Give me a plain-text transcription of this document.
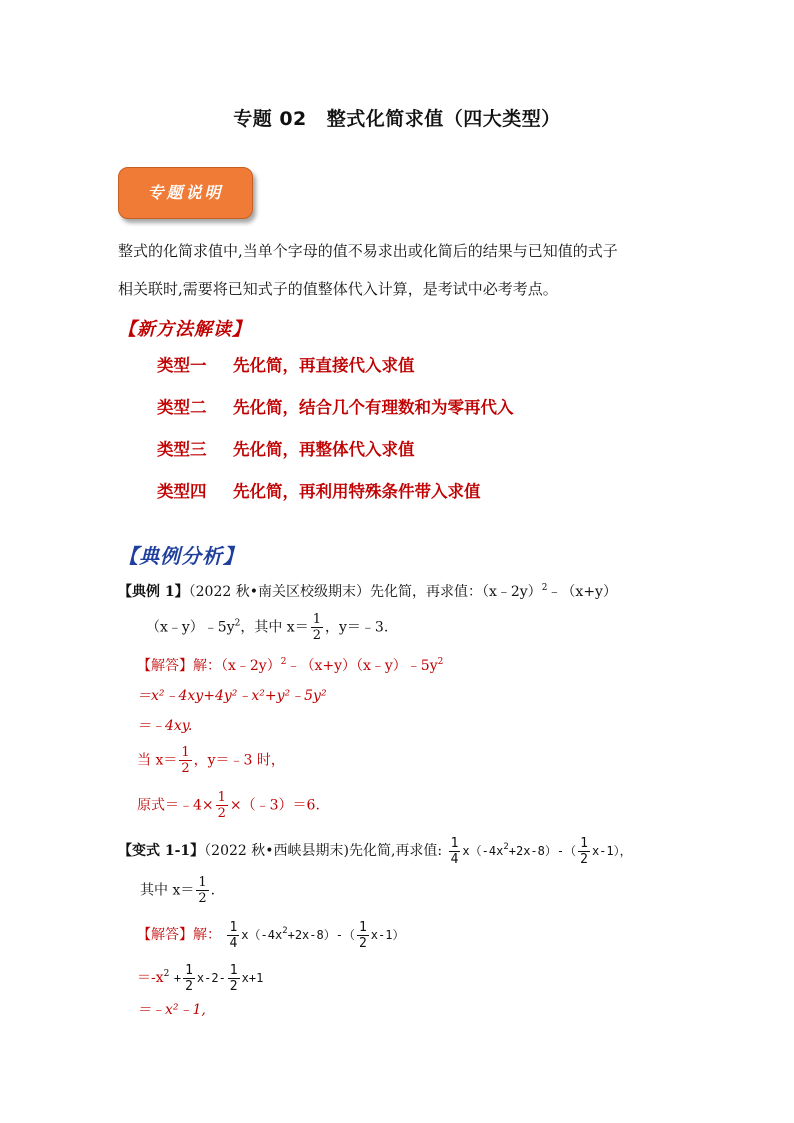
专题 02 整式化简求值（四大类型）
专题说明

整式的化简求值中,当单个字母的值不易求出或化简后的结果与已知值的式子

相关联时,需要将已知式子的值整体代入计算，是考试中必考考点。

【新方法解读】
类型一 先化简，再直接代入求值
类型二 先化简，结合几个有理数和为零再代入
类型三 先化简，再整体代入求值
类型四 先化简，再利用特殊条件带入求值
【典例分析】
【典例 1】（2022 秋•南关区校级期末）先化简，再求值：（x﹣2y）$^2$﹣（x+y）
$(x﹣y)﹣5y^2$，其中 $x= \frac{1}{2}$ ，y＝﹣3.
【解答】解：$(x﹣2y)^2﹣(x+y)(x﹣y)﹣5y^2$
＝x²﹣4xy+4y²﹣x²+y²﹣5y²
＝﹣4xy.
当 $x= \frac{1}{2}$ ，y＝﹣3 时，
原式＝﹣4× $\frac{1}{2}$ ×（﹣3）＝6.
【变式 1-1】（2022 秋•西峡县期末)先化简,再求值: $\frac{1}{4} x(-4x^2+2x-8)-( \frac{1}{2} x-1)$，
其中 $x= \frac{1}{2}$ .
【解答】解： $\frac{1}{4} x(-4x^2+2x-8)-( \frac{1}{2} x-1)$
$=-x^2 + \frac{1}{2} x-2- \frac{1}{2} x+1$
＝﹣x²﹣1,
